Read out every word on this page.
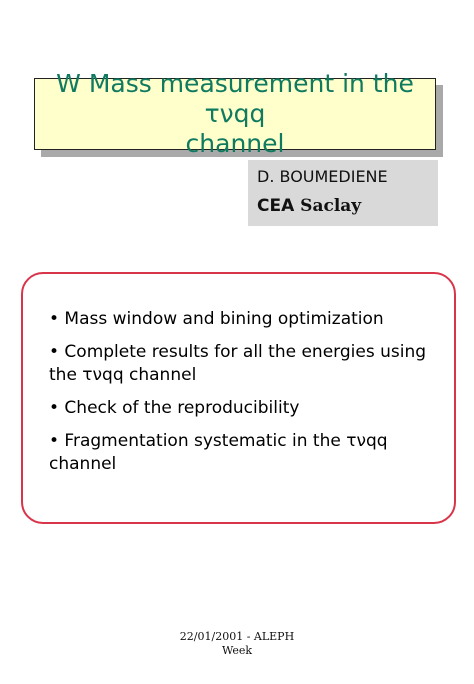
W Mass measurement in the τνqq
channel
D. BOUMEDIENE
CEA Saclay
• Mass window and bining optimization
• Complete results for all the energies using the τνqq channel
• Check of the reproducibility
• Fragmentation systematic in the τνqq channel
22/01/2001 - ALEPH
Week
